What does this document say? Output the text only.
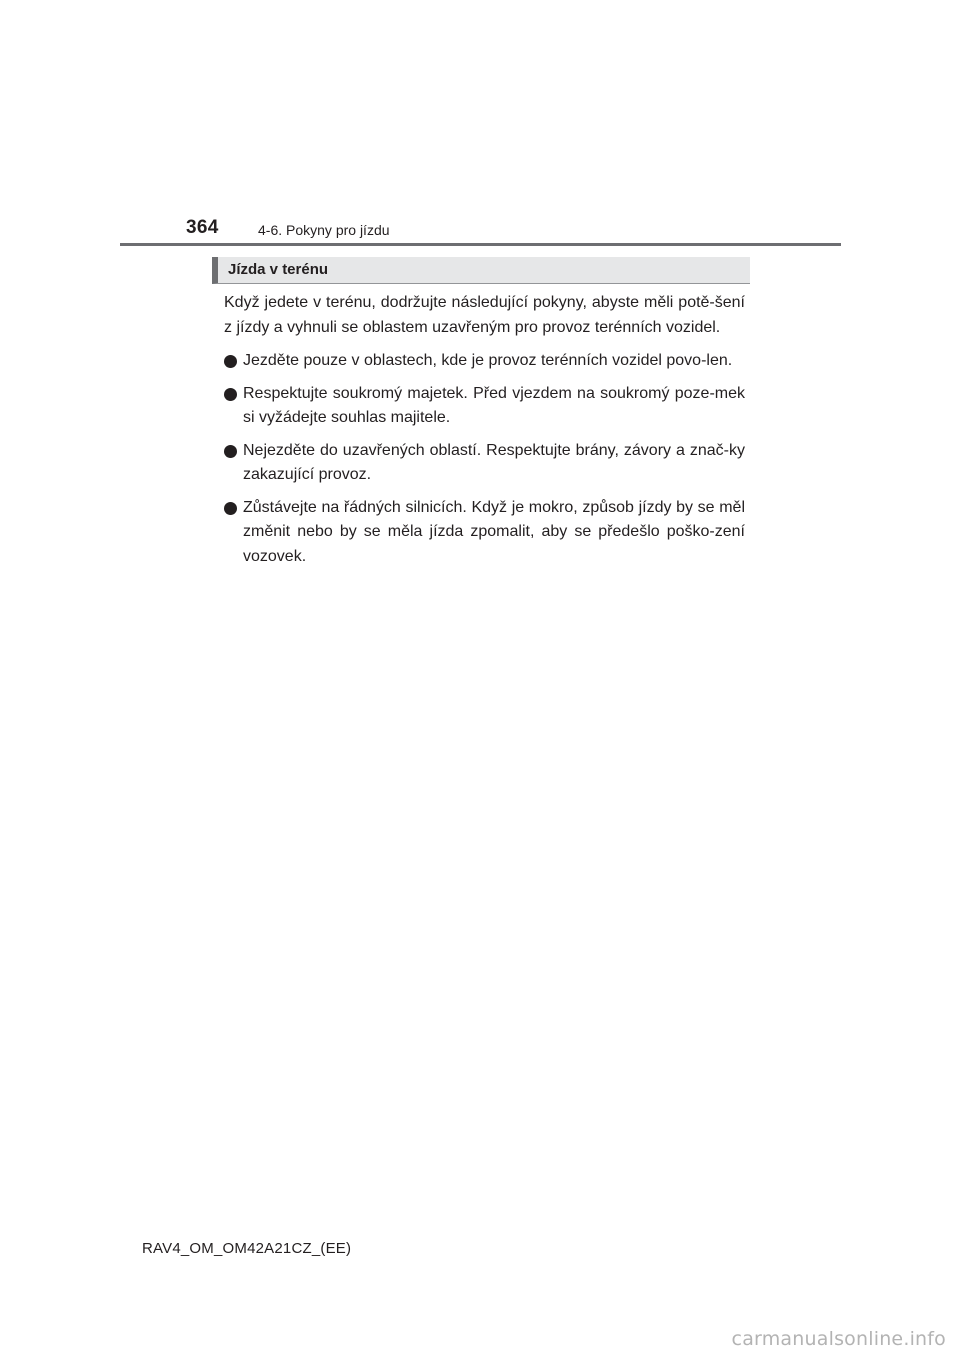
364	4-6. Pokyny pro jízdu
Jízda v terénu

Když jedete v terénu, dodržujte následující pokyny, abyste měli potě-šení z jízdy a vyhnuli se oblastem uzavřeným pro provoz terénních vozidel.

Jezděte pouze v oblastech, kde je provoz terénních vozidel povo-len.
Respektujte soukromý majetek. Před vjezdem na soukromý poze-mek si vyžádejte souhlas majitele.
Nejezděte do uzavřených oblastí. Respektujte brány, závory a znač-ky zakazující provoz.
Zůstávejte na řádných silnicích. Když je mokro, způsob jízdy by se měl změnit nebo by se měla jízda zpomalit, aby se předešlo poško-zení vozovek.
RAV4_OM_OM42A21CZ_(EE)
carmanualsonline.info
